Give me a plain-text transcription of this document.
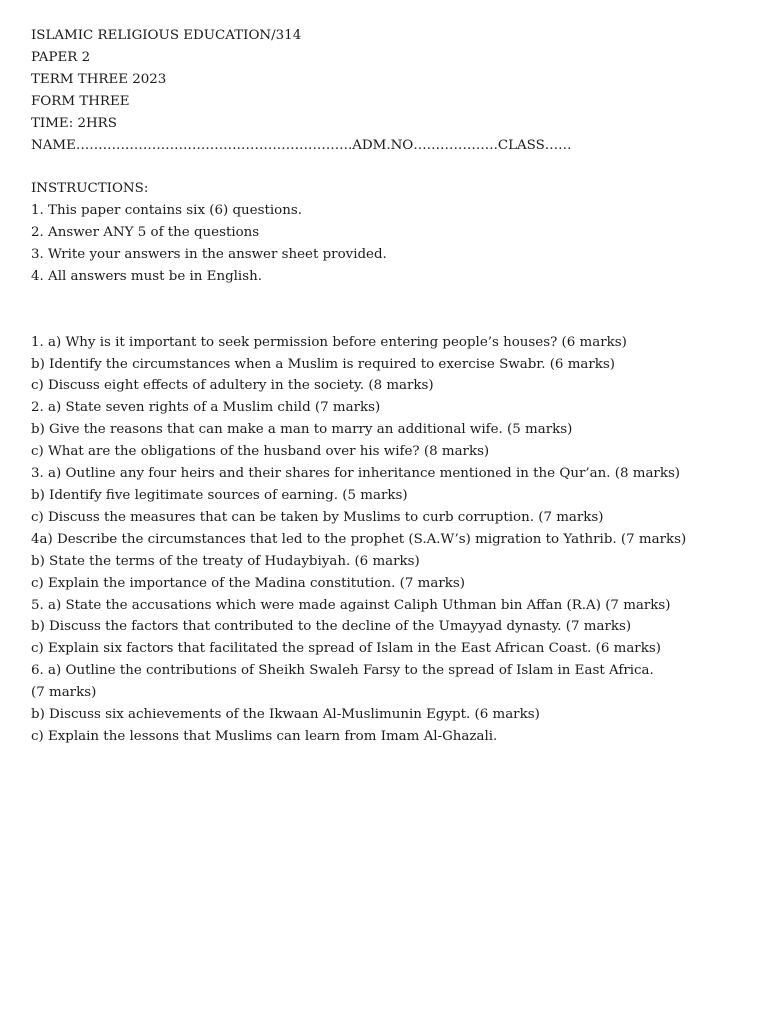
ISLAMIC RELIGIOUS EDUCATION/314
PAPER 2
TERM THREE 2023
FORM THREE
TIME: 2HRS
NAME……………………………………………………..ADM.NO……………….CLASS……
INSTRUCTIONS:
1. This paper contains six (6) questions.
2. Answer ANY 5 of the questions
3. Write your answers in the answer sheet provided.
4. All answers must be in English.
1. a) Why is it important to seek permission before entering people’s houses? (6 marks)
b) Identify the circumstances when a Muslim is required to exercise Swabr. (6 marks)
c) Discuss eight effects of adultery in the society. (8 marks)
2. a) State seven rights of a Muslim child (7 marks)
b) Give the reasons that can make a man to marry an additional wife. (5 marks)
c) What are the obligations of the husband over his wife? (8 marks)
3. a) Outline any four heirs and their shares for inheritance mentioned in the Qur’an. (8 marks)
b) Identify five legitimate sources of earning. (5 marks)
c) Discuss the measures that can be taken by Muslims to curb corruption. (7 marks)
4a) Describe the circumstances that led to the prophet (S.A.W’s) migration to Yathrib. (7 marks)
b) State the terms of the treaty of Hudaybiyah. (6 marks)
c) Explain the importance of the Madina constitution. (7 marks)
5. a) State the accusations which were made against Caliph Uthman bin Affan (R.A) (7 marks)
b) Discuss the factors that contributed to the decline of the Umayyad dynasty. (7 marks)
c) Explain six factors that facilitated the spread of Islam in the East African Coast. (6 marks)
6. a) Outline the contributions of Sheikh Swaleh Farsy to the spread of Islam in East Africa.
(7 marks)
b) Discuss six achievements of the Ikwaan Al-Muslimunin Egypt. (6 marks)
c) Explain the lessons that Muslims can learn from Imam Al-Ghazali.
